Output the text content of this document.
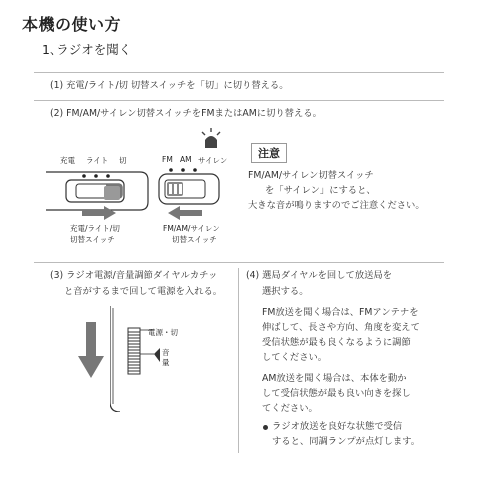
本機の使い方
1､ラジオを聞く
(1) 充電/ライト/切 切替スイッチを「切」に切り替える。
(2) FM/AM/サイレン切替スイッチをFMまたはAMに切り替える。
充電 ライト 切
充電/ライト/切
切替スイッチ
FM AM サイレン
FM/AM/サイレン
切替スイッチ
注意
FM/AM/サイレン切替スイッチ
を「サイレン」にすると、
大きな音が鳴りますのでご注意ください。
(3) ラジオ電源/音量調節ダイヤルカチッ
と音がするまで回して電源を入れる。
電源・切
音
量
(4) 選局ダイヤルを回して放送局を
選択する。
FM放送を聞く場合は、FMアンテナを
伸ばして、長さや方向、角度を変えて
受信状態が最も良くなるように調節
してください。
AM放送を聞く場合は、本体を動か
して受信状態が最も良い向きを探し
てください。
ラジオ放送を良好な状態で受信
すると、同調ランプが点灯します。
